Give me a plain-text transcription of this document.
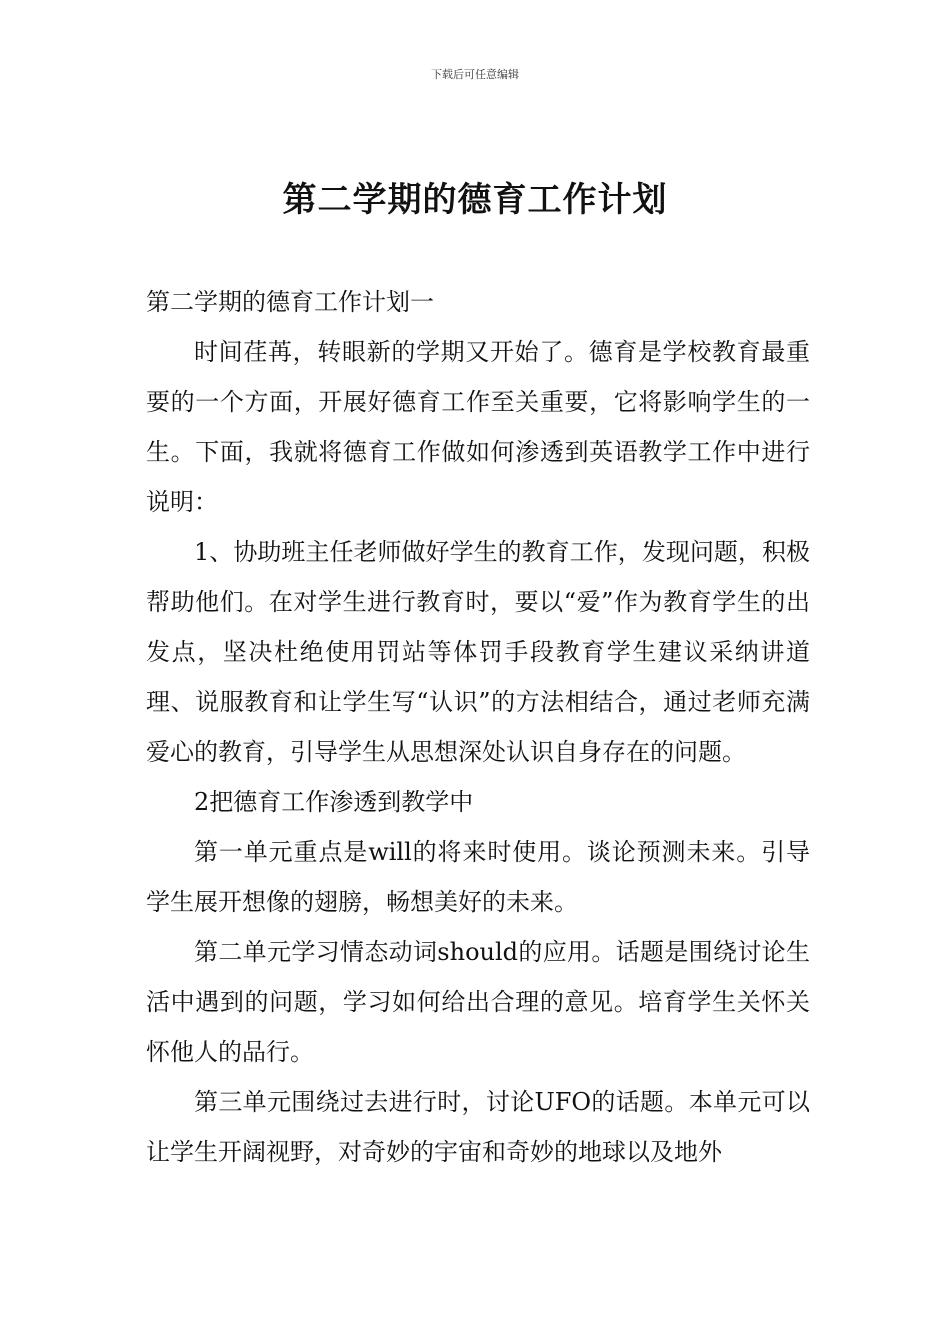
下载后可任意编辑
第二学期的德育工作计划

第二学期的德育工作计划一

时间荏苒，转眼新的学期又开始了。德育是学校教育最重要的一个方面，开展好德育工作至关重要，它将影响学生的一生。下面，我就将德育工作做如何渗透到英语教学工作中进行说明：

1、协助班主任老师做好学生的教育工作，发现问题，积极帮助他们。在对学生进行教育时，要以“爱”作为教育学生的出发点，坚决杜绝使用罚站等体罚手段教育学生建议采纳讲道理、说服教育和让学生写“认识”的方法相结合，通过老师充满爱心的教育，引导学生从思想深处认识自身存在的问题。

2把德育工作渗透到教学中

第一单元重点是will的将来时使用。谈论预测未来。引导学生展开想像的翅膀，畅想美好的未来。

第二单元学习情态动词should的应用。话题是围绕讨论生活中遇到的问题，学习如何给出合理的意见。培育学生关怀关怀他人的品行。

第三单元围绕过去进行时，讨论UFO的话题。本单元可以让学生开阔视野，对奇妙的宇宙和奇妙的地球以及地外
